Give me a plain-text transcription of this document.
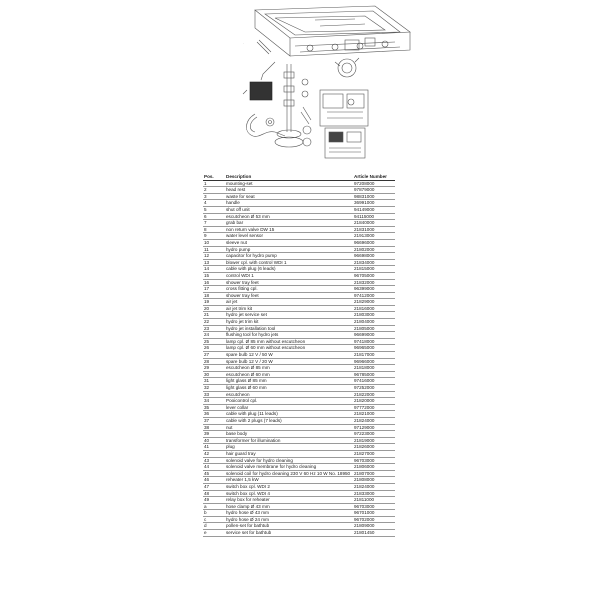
·
Pos.	Description	Article Number
1	mounting-set	97208000
2	head rest	97879000
3	waste for seat	98831000
4	handle	36991000
5	shut off unit	94149000
6	escutcheon Ø 53 mm	94115000
7	grab bar	21840000
8	non return valve DW 15	21831000
9	water level sensor	21913000
10	sleeve nut	96696000
11	hydro pump	21802000
12	capacitor for hydro pump	96698000
13	blower cpl. with control WDI 1	21834000
14	cable with plug (6 leads)	21815000
15	control WDI 1	96705000
16	shower tray feet	21832000
17	cross fitting cpl.	96399000
18	shower tray feet	97412000
19	air jet	21829000
20	air jet trim kit	21816000
21	hydro jet service set	21803000
22	hydro jet trim kit	21804000
23	hydro jet installation tool	21805000
24	flushing tool for hydro jets	96699000
25	lamp cpl. Ø 85 mm without escutcheon	97418000
26	lamp cpl. Ø 60 mm without escutcheon	96965000
27	spare bulb 12 V / 50 W	21817000
28	spare bulb 12 V / 20 W	96966000
29	escutcheon Ø 85 mm	21818000
30	escutcheon Ø 60 mm	96785000
31	light glass Ø 85 mm	97416000
32	light glass Ø 60 mm	97252000
33	escutcheon	21822000
34	Pooicontrol cpl.	21820000
35	lever collar	97772000
36	cable with plug (11 leads)	21821000
37	cable with 2 plugs (7 leads)	21824000
38	nut	97129000
39	base body	97223000
40	transformer for illumination	21819000
41	plug	21826000
42	hair guard tray	21827000
43	solenoid valve for hydro cleaning	96703000
44	solenoid valve membrane for hydro cleaning	21806000
45	solenoid coil for hydro cleaning 230 V 60 Hz 10 W No. 18950	21807000
46	reheater 1,5 kW	21808000
47	switch box cpl. WDI 2	21824000
48	switch box cpl. WDI 4	21833000
49	relay box for reheater	21811000
a	hose clamp Ø 43 mm	96703000
b	hydro hose Ø 43 mm	96701000
c	hydro hose Ø 24 mm	96702000
d	pollen-set for bathtub	21809000
e	service set for bathtub	21801450
